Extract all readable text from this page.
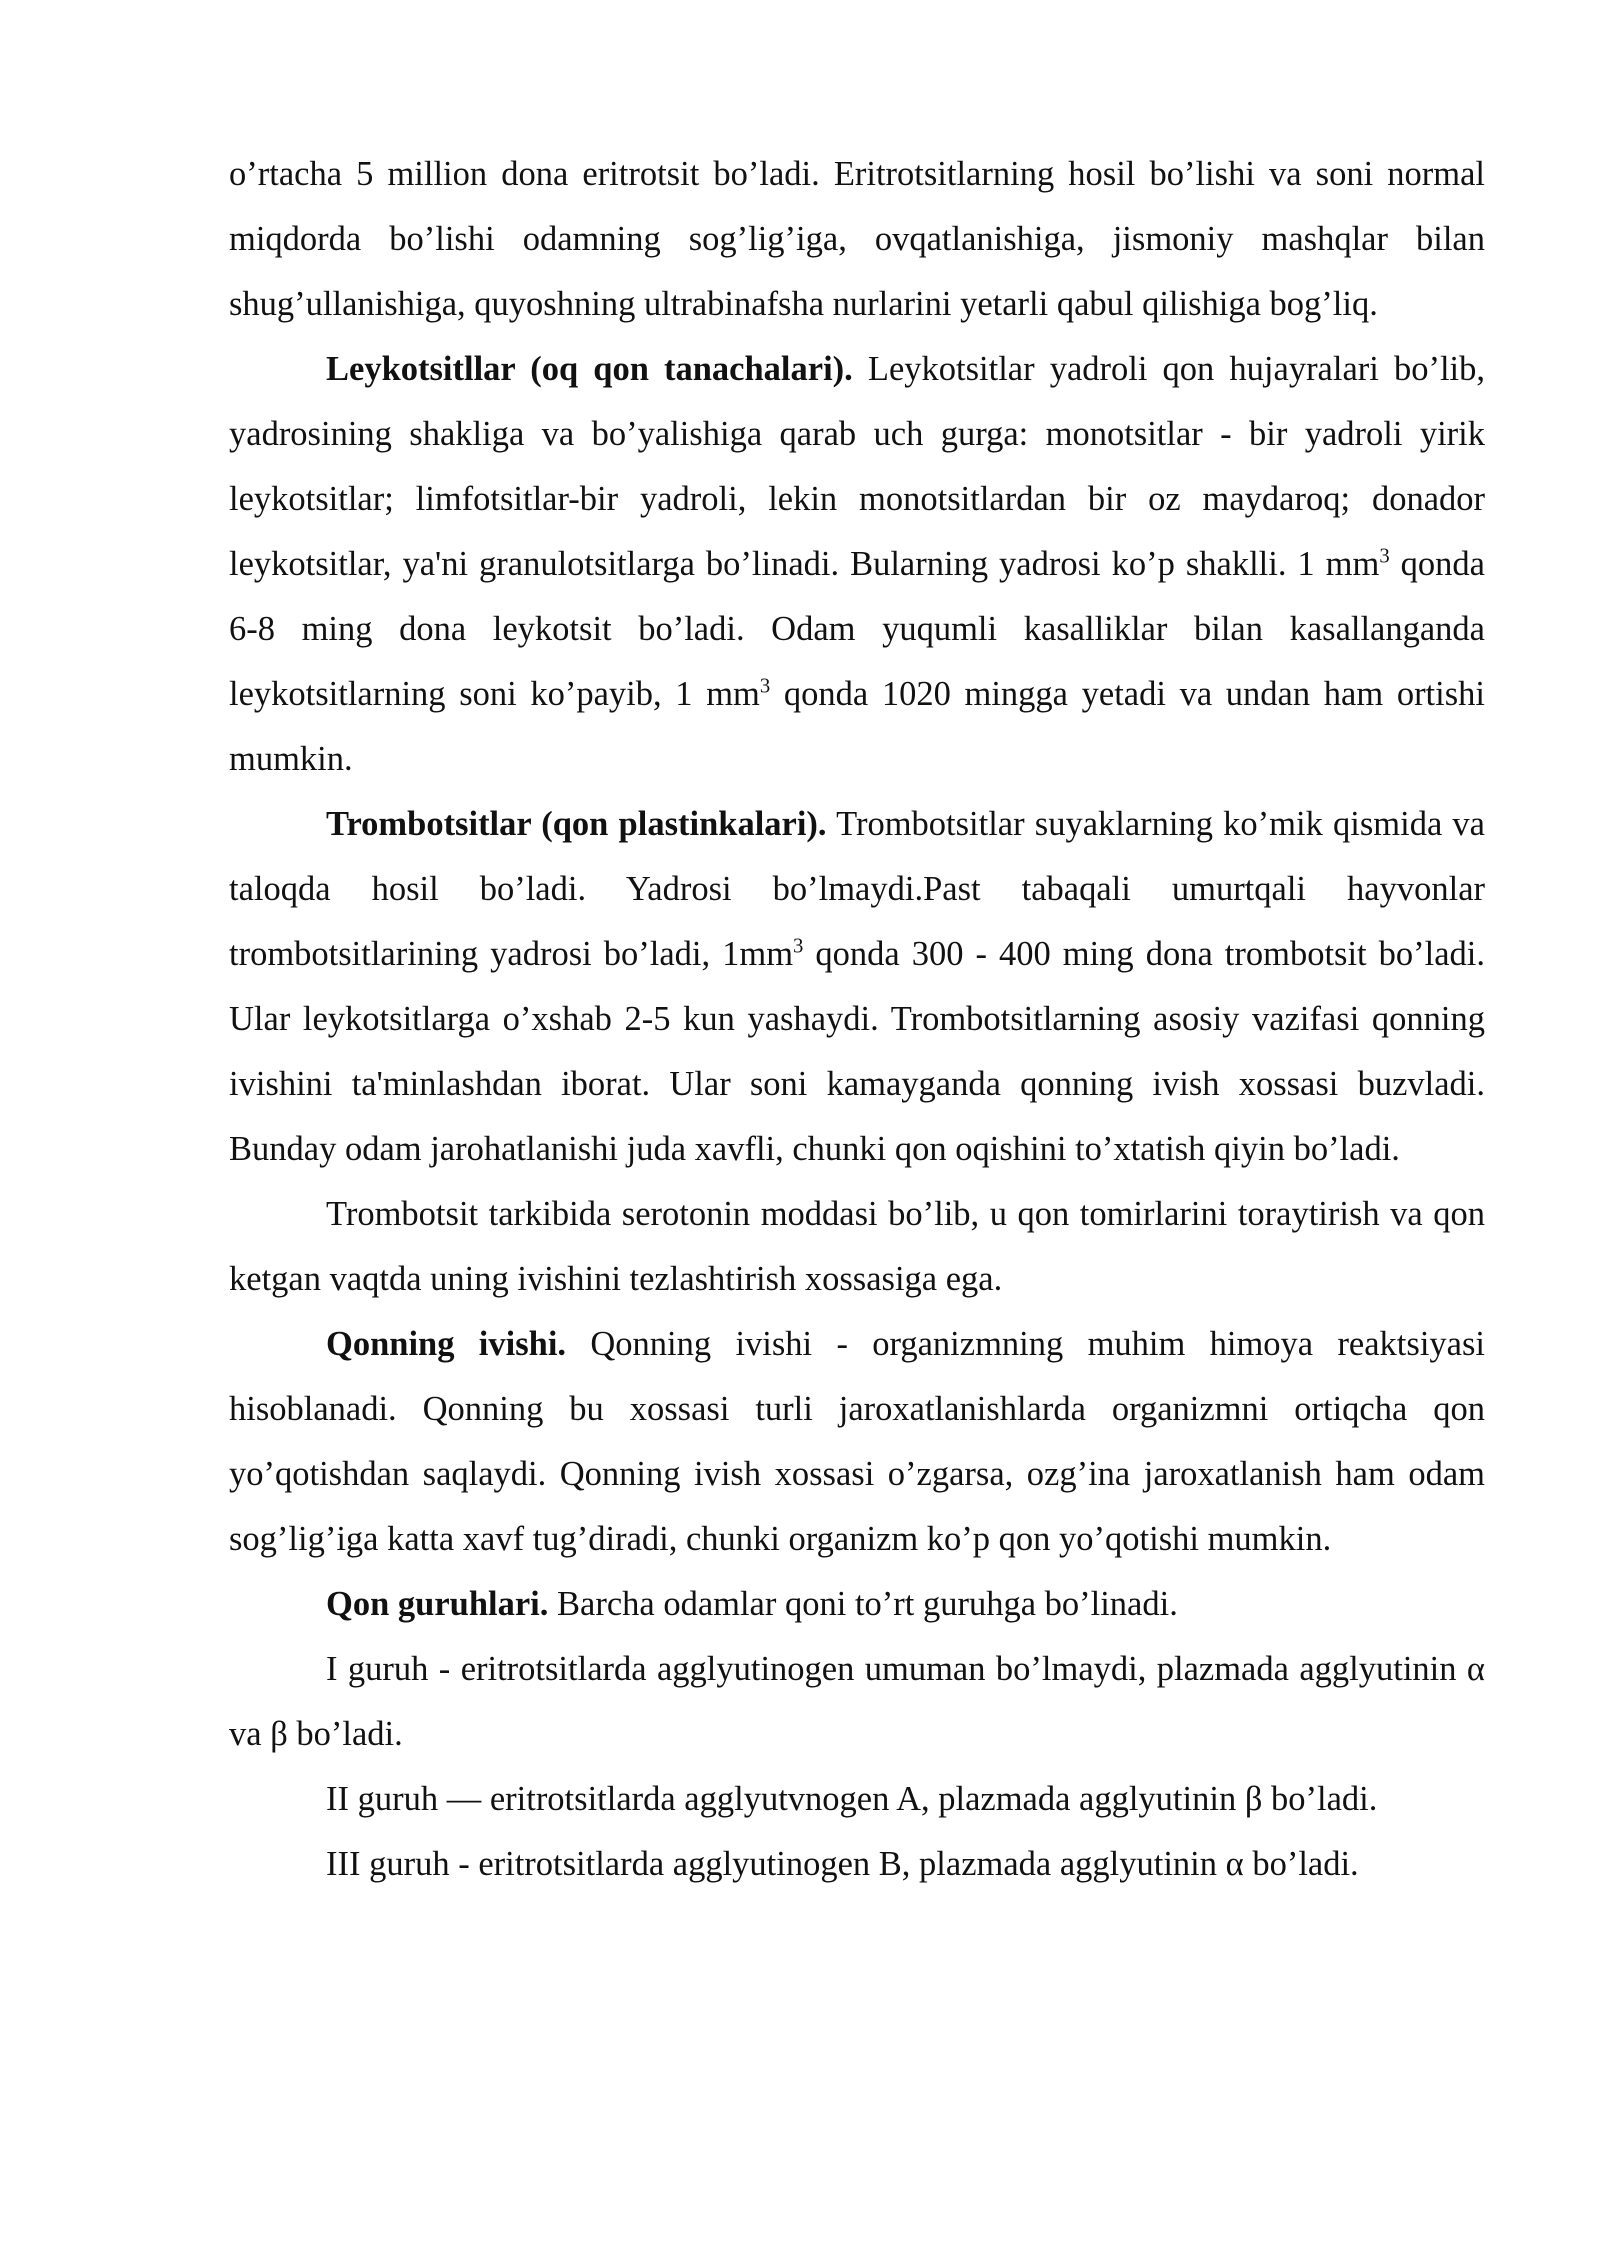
o’rtacha 5 million dona eritrotsit bo’ladi. Eritrotsitlarning hosil bo’lishi va soni normal miqdorda bo’lishi odamning sog’lig’iga, ovqatlanishiga, jismoniy mashqlar bilan shug’ullanishiga, quyoshning ultrabinafsha nurlarini yetarli qabul qilishiga bog’liq.

Leykotsitllar (oq qon tanachalari). Leykotsitlar yadroli qon hujayralari bo’lib, yadrosining shakliga va bo’yalishiga qarab uch gurga: monotsitlar - bir yadroli yirik leykotsitlar; limfotsitlar-bir yadroli, lekin monotsitlardan bir oz maydaroq; donador leykotsitlar, ya'ni granulotsitlarga bo’linadi. Bularning yadrosi ko’p shaklli. 1 $mm^3$ qonda 6-8 ming dona leykotsit bo’ladi. Odam yuqumli kasalliklar bilan kasallanganda leykotsitlarning soni ko’payib, 1 $mm^3$ qonda 1020 mingga yetadi va undan ham ortishi mumkin.

Trombotsitlar (qon plastinkalari). Trombotsitlar suyaklarning ko’mik qismida va taloqda hosil bo’ladi. Yadrosi bo’lmaydi.Past tabaqali umurtqali hayvonlar trombotsitlarining yadrosi bo’ladi, $1mm^3$ qonda 300 - 400 ming dona trombotsit bo’ladi. Ular leykotsitlarga o’xshab 2-5 kun yashaydi. Trombotsitlarning asosiy vazifasi qonning ivishini ta'minlashdan iborat. Ular soni kamayganda qonning ivish xossasi buzvladi. Bunday odam jarohatlanishi juda xavfli, chunki qon oqishini to’xtatish qiyin bo’ladi.

Trombotsit tarkibida serotonin moddasi bo’lib, u qon tomirlarini toraytirish va qon ketgan vaqtda uning ivishini tezlashtirish xossasiga ega.

Qonning ivishi. Qonning ivishi - organizmning muhim himoya reaktsiyasi hisoblanadi. Qonning bu xossasi turli jaroxatlanishlarda organizmni ortiqcha qon yo’qotishdan saqlaydi. Qonning ivish xossasi o’zgarsa, ozg’ina jaroxatlanish ham odam sog’lig’iga katta xavf tug’diradi, chunki organizm ko’p qon yo’qotishi mumkin.

Qon guruhlari. Barcha odamlar qoni to’rt guruhga bo’linadi.

I guruh - eritrotsitlarda agglyutinogen umuman bo’lmaydi, plazmada agglyutinin α va β bo’ladi.

II guruh — eritrotsitlarda agglyutvnogen A, plazmada agglyutinin β bo’ladi.

III guruh - eritrotsitlarda agglyutinogen B, plazmada agglyutinin α bo’ladi.
